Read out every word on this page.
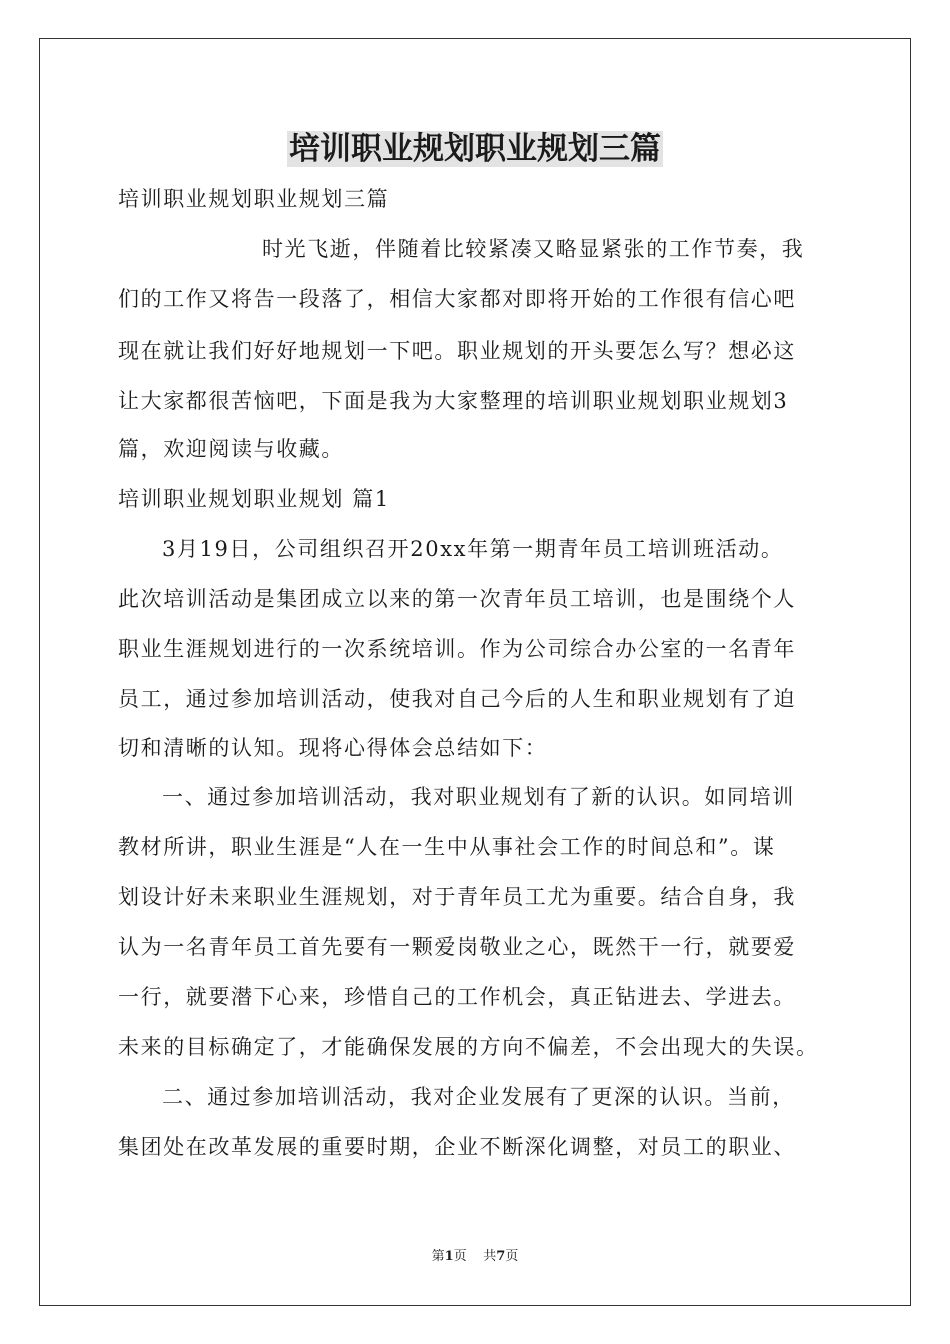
培训职业规划职业规划三篇
培训职业规划职业规划三篇
时光飞逝，伴随着比较紧凑又略显紧张的工作节奏，我
们的工作又将告一段落了，相信大家都对即将开始的工作很有信心吧
现在就让我们好好地规划一下吧。职业规划的开头要怎么写？想必这
让大家都很苦恼吧，下面是我为大家整理的培训职业规划职业规划3
篇，欢迎阅读与收藏。
培训职业规划职业规划 篇1
3月19日，公司组织召开20xx年第一期青年员工培训班活动。
此次培训活动是集团成立以来的第一次青年员工培训，也是围绕个人
职业生涯规划进行的一次系统培训。作为公司综合办公室的一名青年
员工，通过参加培训活动，使我对自己今后的人生和职业规划有了迫
切和清晰的认知。现将心得体会总结如下：
一、通过参加培训活动，我对职业规划有了新的认识。如同培训
教材所讲，职业生涯是“人在一生中从事社会工作的时间总和”。谋
划设计好未来职业生涯规划，对于青年员工尤为重要。结合自身，我
认为一名青年员工首先要有一颗爱岗敬业之心，既然干一行，就要爱
一行，就要潜下心来，珍惜自己的工作机会，真正钻进去、学进去。
未来的目标确定了，才能确保发展的方向不偏差，不会出现大的失误。
二、通过参加培训活动，我对企业发展有了更深的认识。当前，
集团处在改革发展的重要时期，企业不断深化调整，对员工的职业、
第1页 共7页
